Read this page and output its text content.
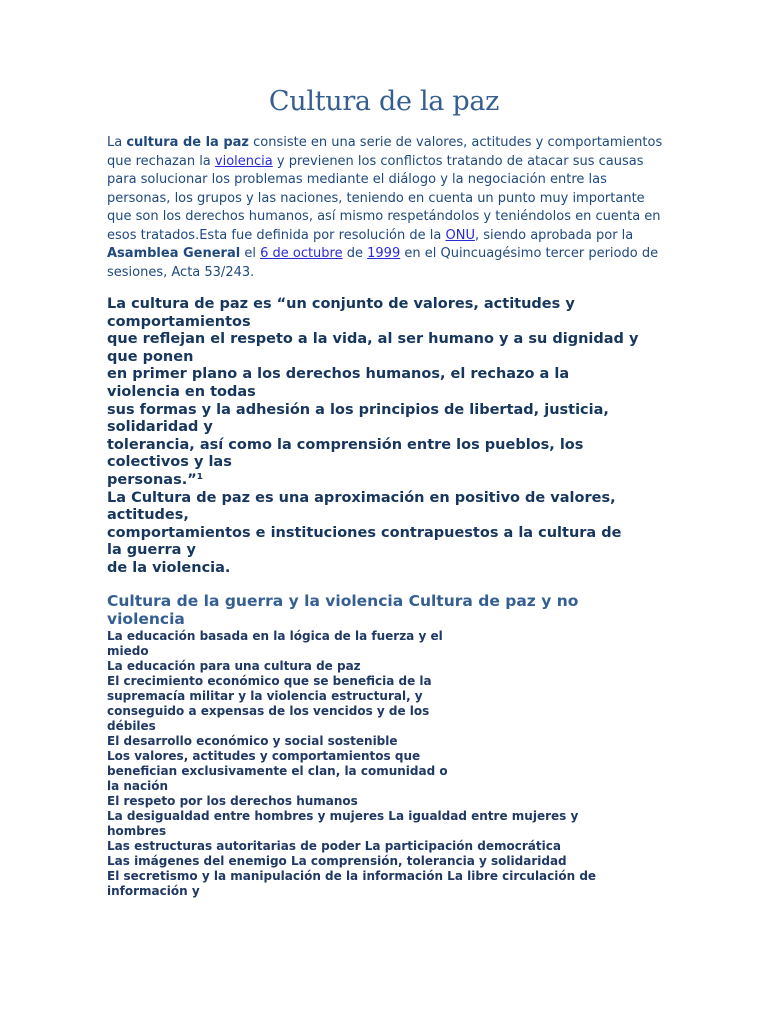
Cultura de la paz

La cultura de la paz consiste en una serie de valores, actitudes y comportamientos que rechazan la violencia y previenen los conflictos tratando de atacar sus causas para solucionar los problemas mediante el diálogo y la negociación entre las personas, los grupos y las naciones, teniendo en cuenta un punto muy importante que son los derechos humanos, así mismo respetándolos y teniéndolos en cuenta en esos tratados.Esta fue definida por resolución de la ONU, siendo aprobada por la Asamblea General el 6 de octubre de 1999 en el Quincuagésimo tercer periodo de sesiones, Acta 53/243.

La cultura de paz es “un conjunto de valores, actitudes y
comportamientos
que reflejan el respeto a la vida, al ser humano y a su dignidad y
que ponen
en primer plano a los derechos humanos, el rechazo a la
violencia en todas
sus formas y la adhesión a los principios de libertad, justicia,
solidaridad y
tolerancia, así como la comprensión entre los pueblos, los
colectivos y las
personas.”¹
La Cultura de paz es una aproximación en positivo de valores,
actitudes,
comportamientos e instituciones contrapuestos a la cultura de
la guerra y
de la violencia.
Cultura de la guerra y la violencia Cultura de paz y no
violencia
La educación basada en la lógica de la fuerza y el
miedo
La educación para una cultura de paz
El crecimiento económico que se beneficia de la
supremacía militar y la violencia estructural, y
conseguido a expensas de los vencidos y de los
débiles
El desarrollo económico y social sostenible
Los valores, actitudes y comportamientos que
benefician exclusivamente el clan, la comunidad o
la nación
El respeto por los derechos humanos
La desigualdad entre hombres y mujeres La igualdad entre mujeres y
hombres
Las estructuras autoritarias de poder La participación democrática
Las imágenes del enemigo La comprensión, tolerancia y solidaridad
El secretismo y la manipulación de la información La libre circulación de
información y
